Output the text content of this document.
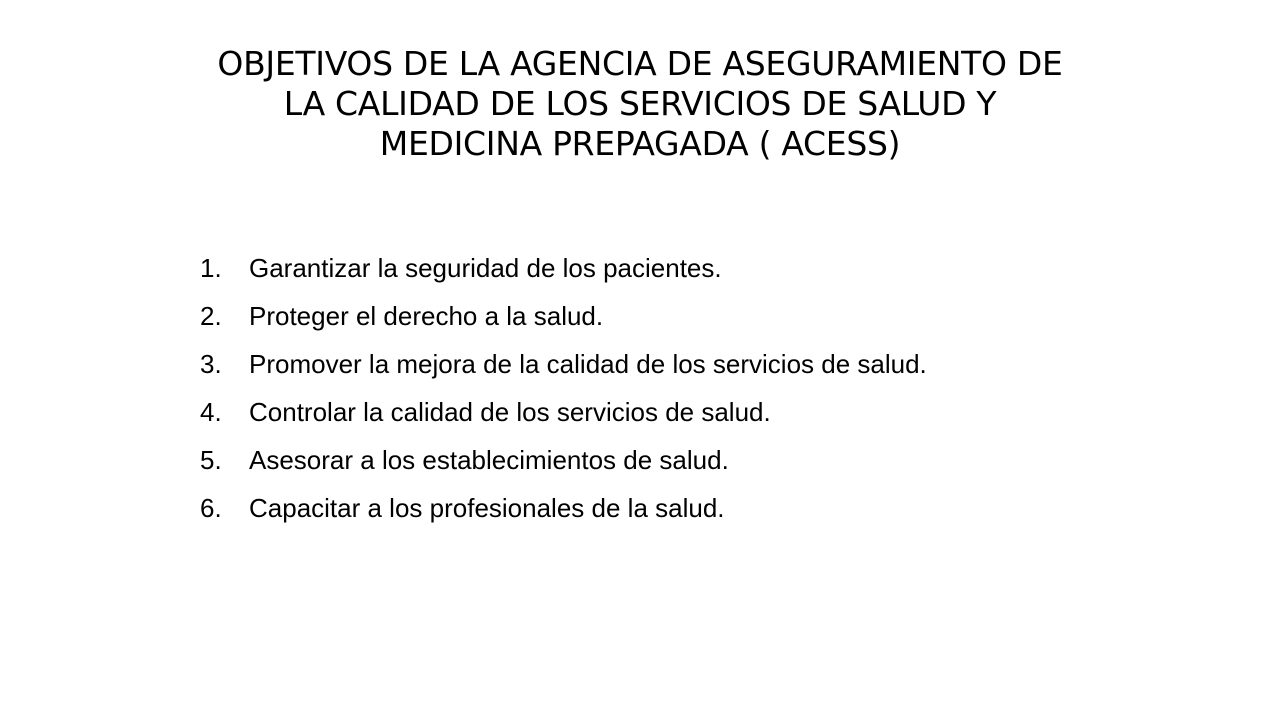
OBJETIVOS DE LA AGENCIA DE ASEGURAMIENTO DE
LA CALIDAD DE LOS SERVICIOS DE SALUD Y
MEDICINA PREPAGADA ( ACESS)
1.	Garantizar la seguridad de los pacientes.
2.	Proteger el derecho a la salud.
3.	Promover la mejora de la calidad de los servicios de salud.
4.	Controlar la calidad de los servicios de salud.
5.	Asesorar a los establecimientos de salud.
6.	Capacitar a los profesionales de la salud.
